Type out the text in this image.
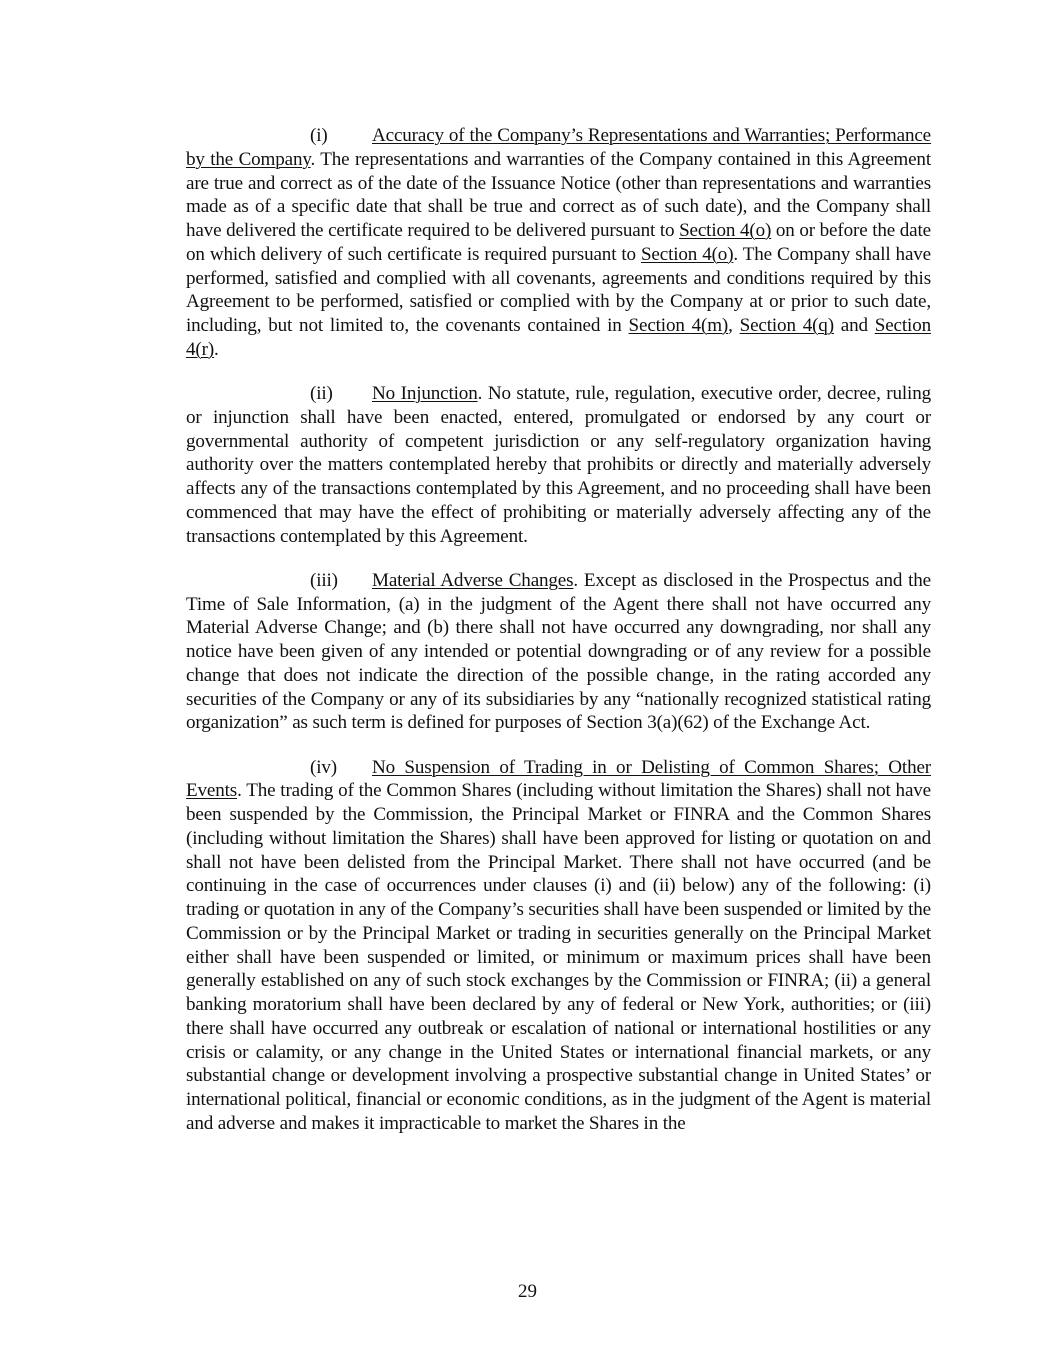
(i) Accuracy of the Company’s Representations and Warranties; Performance by the Company. The representations and warranties of the Company contained in this Agreement are true and correct as of the date of the Issuance Notice (other than representations and warranties made as of a specific date that shall be true and correct as of such date), and the Company shall have delivered the certificate required to be delivered pursuant to Section 4(o) on or before the date on which delivery of such certificate is required pursuant to Section 4(o). The Company shall have performed, satisfied and complied with all covenants, agreements and conditions required by this Agreement to be performed, satisfied or complied with by the Company at or prior to such date, including, but not limited to, the covenants contained in Section 4(m), Section 4(q) and Section 4(r).

(ii) No Injunction. No statute, rule, regulation, executive order, decree, ruling or injunction shall have been enacted, entered, promulgated or endorsed by any court or governmental authority of competent jurisdiction or any self-regulatory organization having authority over the matters contemplated hereby that prohibits or directly and materially adversely affects any of the transactions contemplated by this Agreement, and no proceeding shall have been commenced that may have the effect of prohibiting or materially adversely affecting any of the transactions contemplated by this Agreement.

(iii) Material Adverse Changes. Except as disclosed in the Prospectus and the Time of Sale Information, (a) in the judgment of the Agent there shall not have occurred any Material Adverse Change; and (b) there shall not have occurred any downgrading, nor shall any notice have been given of any intended or potential downgrading or of any review for a possible change that does not indicate the direction of the possible change, in the rating accorded any securities of the Company or any of its subsidiaries by any “nationally recognized statistical rating organization” as such term is defined for purposes of Section 3(a)(62) of the Exchange Act.

(iv) No Suspension of Trading in or Delisting of Common Shares; Other Events. The trading of the Common Shares (including without limitation the Shares) shall not have been suspended by the Commission, the Principal Market or FINRA and the Common Shares (including without limitation the Shares) shall have been approved for listing or quotation on and shall not have been delisted from the Principal Market. There shall not have occurred (and be continuing in the case of occurrences under clauses (i) and (ii) below) any of the following: (i) trading or quotation in any of the Company’s securities shall have been suspended or limited by the Commission or by the Principal Market or trading in securities generally on the Principal Market either shall have been suspended or limited, or minimum or maximum prices shall have been generally established on any of such stock exchanges by the Commission or FINRA; (ii) a general banking moratorium shall have been declared by any of federal or New York, authorities; or (iii) there shall have occurred any outbreak or escalation of national or international hostilities or any crisis or calamity, or any change in the United States or international financial markets, or any substantial change or development involving a prospective substantial change in United States’ or international political, financial or economic conditions, as in the judgment of the Agent is material and adverse and makes it impracticable to market the Shares in the

29
